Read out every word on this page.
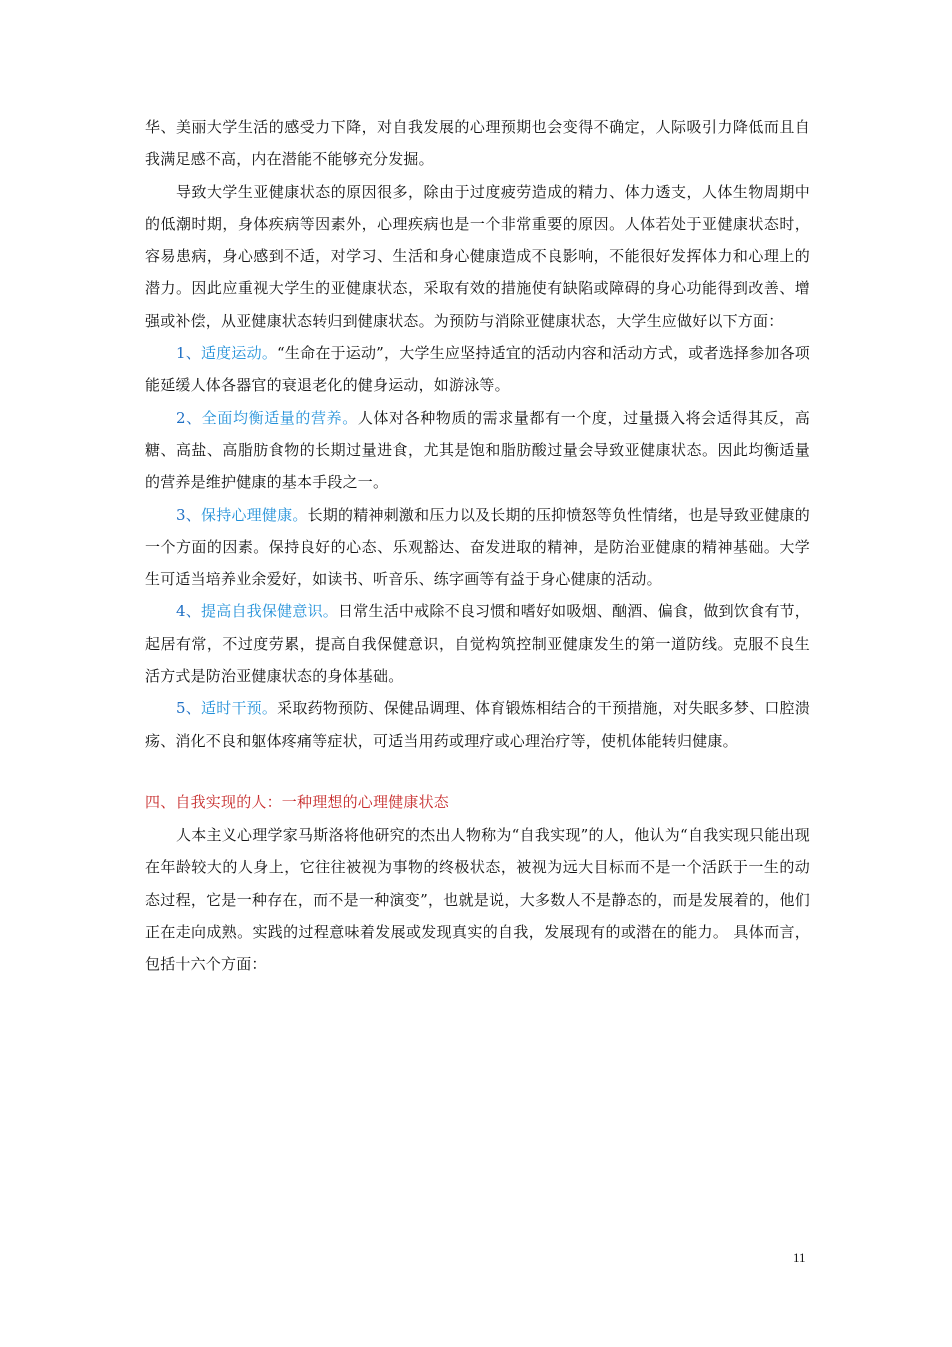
华、美丽大学生活的感受力下降，对自我发展的心理预期也会变得不确定，人际吸引力降低而且自我满足感不高，内在潜能不能够充分发掘。

导致大学生亚健康状态的原因很多，除由于过度疲劳造成的精力、体力透支，人体生物周期中的低潮时期，身体疾病等因素外，心理疾病也是一个非常重要的原因。人体若处于亚健康状态时，容易患病，身心感到不适，对学习、生活和身心健康造成不良影响，不能很好发挥体力和心理上的潜力。因此应重视大学生的亚健康状态，采取有效的措施使有缺陷或障碍的身心功能得到改善、增强或补偿，从亚健康状态转归到健康状态。为预防与消除亚健康状态，大学生应做好以下方面：

1、适度运动。“生命在于运动”，大学生应坚持适宜的活动内容和活动方式，或者选择参加各项能延缓人体各器官的衰退老化的健身运动，如游泳等。

2、全面均衡适量的营养。人体对各种物质的需求量都有一个度，过量摄入将会适得其反，高糖、高盐、高脂肪食物的长期过量进食，尤其是饱和脂肪酸过量会导致亚健康状态。因此均衡适量的营养是维护健康的基本手段之一。

3、保持心理健康。长期的精神刺激和压力以及长期的压抑愤怒等负性情绪，也是导致亚健康的一个方面的因素。保持良好的心态、乐观豁达、奋发进取的精神，是防治亚健康的精神基础。大学生可适当培养业余爱好，如读书、听音乐、练字画等有益于身心健康的活动。

4、提高自我保健意识。日常生活中戒除不良习惯和嗜好如吸烟、酗酒、偏食，做到饮食有节，起居有常，不过度劳累，提高自我保健意识，自觉构筑控制亚健康发生的第一道防线。克服不良生活方式是防治亚健康状态的身体基础。

5、适时干预。采取药物预防、保健品调理、体育锻炼相结合的干预措施，对失眠多梦、口腔溃疡、消化不良和躯体疼痛等症状，可适当用药或理疗或心理治疗等，使机体能转归健康。

四、自我实现的人：一种理想的心理健康状态

人本主义心理学家马斯洛将他研究的杰出人物称为“自我实现”的人，他认为“自我实现只能出现在年龄较大的人身上，它往往被视为事物的终极状态，被视为远大目标而不是一个活跃于一生的动态过程，它是一种存在，而不是一种演变”，也就是说，大多数人不是静态的，而是发展着的，他们正在走向成熟。实践的过程意味着发展或发现真实的自我，发展现有的或潜在的能力。 具体而言，包括十六个方面：

11
